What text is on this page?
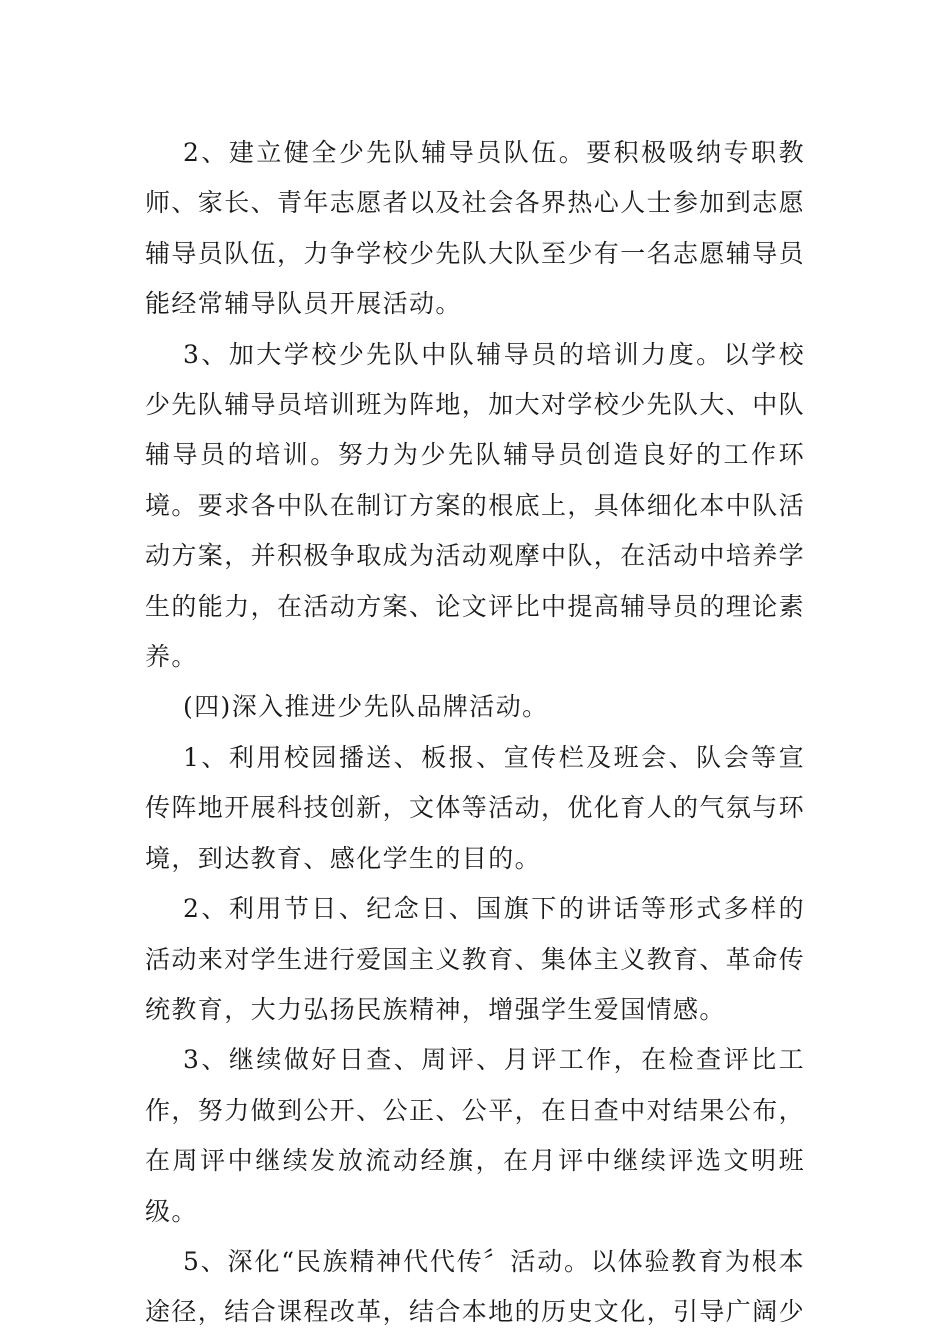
2、建立健全少先队辅导员队伍。要积极吸纳专职教师、家长、青年志愿者以及社会各界热心人士参加到志愿辅导员队伍，力争学校少先队大队至少有一名志愿辅导员能经常辅导队员开展活动。

3、加大学校少先队中队辅导员的培训力度。以学校少先队辅导员培训班为阵地，加大对学校少先队大、中队辅导员的培训。努力为少先队辅导员创造良好的工作环境。要求各中队在制订方案的根底上，具体细化本中队活动方案，并积极争取成为活动观摩中队，在活动中培养学生的能力，在活动方案、论文评比中提高辅导员的理论素养。

(四)深入推进少先队品牌活动。

1、利用校园播送、板报、宣传栏及班会、队会等宣传阵地开展科技创新，文体等活动，优化育人的气氛与环境，到达教育、感化学生的目的。

2、利用节日、纪念日、国旗下的讲话等形式多样的活动来对学生进行爱国主义教育、集体主义教育、革命传统教育，大力弘扬民族精神，增强学生爱国情感。

3、继续做好日查、周评、月评工作，在检查评比工作，努力做到公开、公正、公平，在日查中对结果公布，在周评中继续发放流动经旗，在月评中继续评选文明班级。

5、深化“民族精神代代传〞活动。以体验教育为根本途径，结合课程改革，结合本地的历史文化，引导广阔少
